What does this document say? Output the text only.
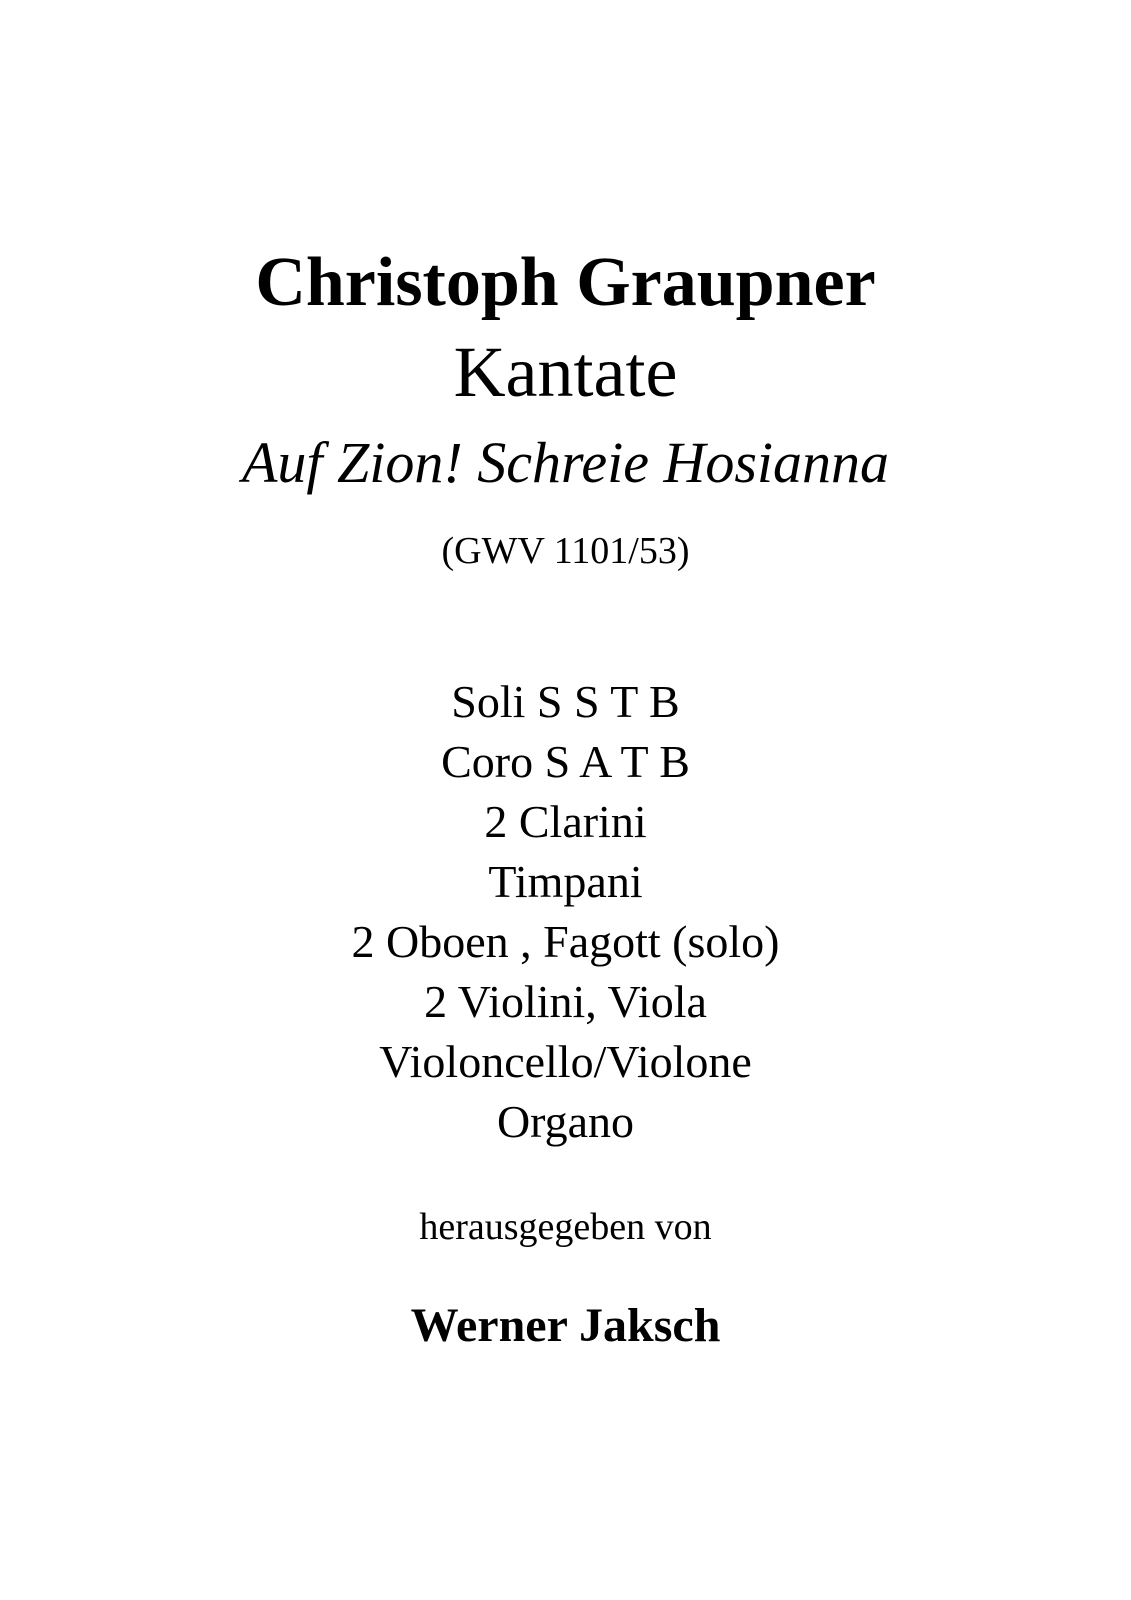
Christoph Graupner
Kantate
Auf Zion! Schreie Hosianna
(GWV 1101/53)
Soli S S T B
Coro S A T B
2 Clarini
Timpani
2 Oboen , Fagott (solo)
2 Violini, Viola
Violoncello/Violone
Organo
herausgegeben von
Werner Jaksch
